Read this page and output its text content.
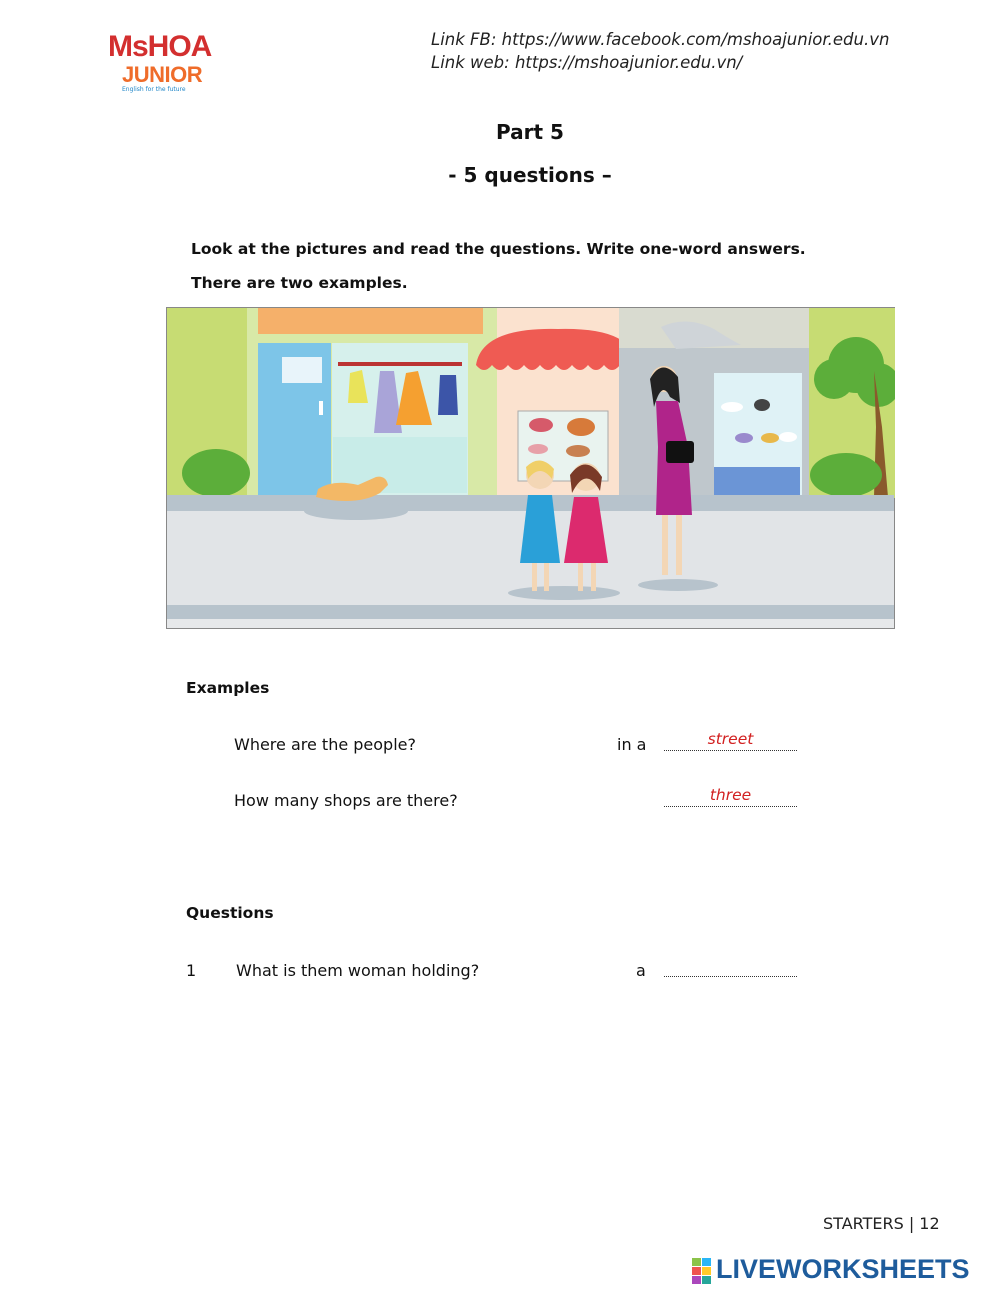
MsHOA
JUNIOR
English for the future
Link FB: https://www.facebook.com/mshoajunior.edu.vn
Link web: https://mshoajunior.edu.vn/
Part 5
- 5 questions –
Look at the pictures and read the questions. Write one-word answers.
There are two examples.
Examples
Where are the people?	in a	street
How many shops are there?	three
Questions
1 What is them woman holding?	a
STARTERS | 12
LIVEWORKSHEETS
